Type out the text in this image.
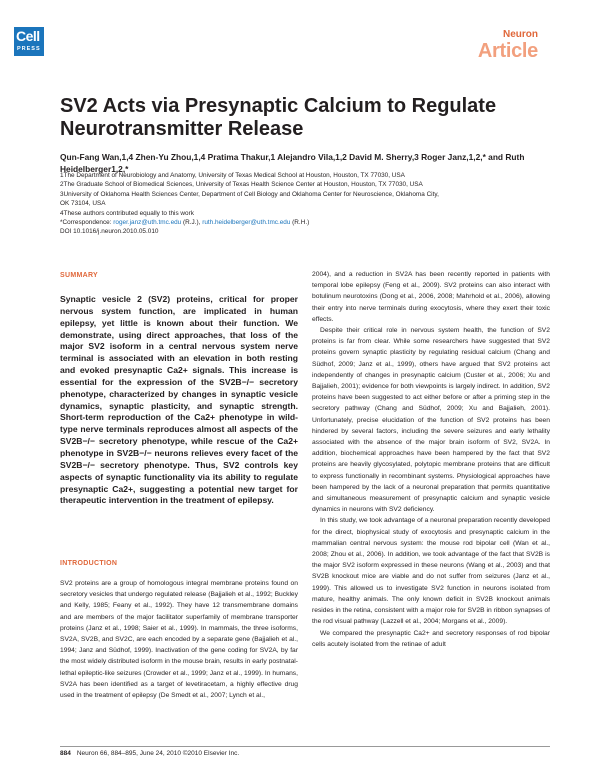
Cell
PRESS
Neuron
Article
SV2 Acts via Presynaptic Calcium to Regulate Neurotransmitter Release
Qun-Fang Wan,1,4 Zhen-Yu Zhou,1,4 Pratima Thakur,1 Alejandro Vila,1,2 David M. Sherry,3 Roger Janz,1,2,* and Ruth Heidelberger1,2,*
1The Department of Neurobiology and Anatomy, University of Texas Medical School at Houston, Houston, TX 77030, USA
2The Graduate School of Biomedical Sciences, University of Texas Health Science Center at Houston, Houston, TX 77030, USA
3University of Oklahoma Health Sciences Center, Department of Cell Biology and Oklahoma Center for Neuroscience, Oklahoma City,
OK 73104, USA
4These authors contributed equally to this work
*Correspondence: roger.janz@uth.tmc.edu (R.J.), ruth.heidelberger@uth.tmc.edu (R.H.)
DOI 10.1016/j.neuron.2010.05.010
SUMMARY
Synaptic vesicle 2 (SV2) proteins, critical for proper nervous system function, are implicated in human epilepsy, yet little is known about their function. We demonstrate, using direct approaches, that loss of the major SV2 isoform in a central nervous system nerve terminal is associated with an elevation in both resting and evoked presynaptic Ca2+ signals. This increase is essential for the expression of the SV2B−/− secretory phenotype, characterized by changes in synaptic vesicle dynamics, synaptic plasticity, and synaptic strength. Short-term reproduction of the Ca2+ phenotype in wild-type nerve terminals reproduces almost all aspects of the SV2B−/− secretory phenotype, while rescue of the Ca2+ phenotype in SV2B−/− neurons relieves every facet of the SV2B−/− secretory phenotype. Thus, SV2 controls key aspects of synaptic functionality via its ability to regulate presynaptic Ca2+, suggesting a potential new target for therapeutic intervention in the treatment of epilepsy.
INTRODUCTION
SV2 proteins are a group of homologous integral membrane proteins found on secretory vesicles that undergo regulated release (Bajjalieh et al., 1992; Buckley and Kelly, 1985; Feany et al., 1992). They have 12 transmembrane domains and are members of the major facilitator superfamily of membrane transporter proteins (Janz et al., 1998; Saier et al., 1999). In mammals, the three isoforms, SV2A, SV2B, and SV2C, are each encoded by a separate gene (Bajjalieh et al., 1994; Janz and Südhof, 1999). Inactivation of the gene coding for SV2A, by far the most widely distributed isoform in the mouse brain, results in early postnatal-lethal epileptic-like seizures (Crowder et al., 1999; Janz et al., 1999). In humans, SV2A has been identified as a target of levetiracetam, a highly effective drug used in the treatment of epilepsy (De Smedt et al., 2007; Lynch et al.,

2004), and a reduction in SV2A has been recently reported in patients with temporal lobe epilepsy (Feng et al., 2009). SV2 proteins can also interact with botulinum neurotoxins (Dong et al., 2006, 2008; Mahrhold et al., 2006), allowing their entry into nerve terminals during exocytosis, where they exert their toxic effects.

Despite their critical role in nervous system health, the function of SV2 proteins is far from clear. While some researchers have suggested that SV2 proteins govern synaptic plasticity by regulating residual calcium (Chang and Südhof, 2009; Janz et al., 1999), others have argued that SV2 proteins act independently of changes in presynaptic calcium (Custer et al., 2006; Xu and Bajjalieh, 2001); evidence for both viewpoints is largely indirect. In addition, SV2 proteins have been suggested to act either before or after a priming step in the secretory pathway (Chang and Südhof, 2009; Xu and Bajjalieh, 2001). Unfortunately, precise elucidation of the function of SV2 proteins has been hindered by several factors, including the severe seizures and early lethality associated with the absence of the major brain isoform of SV2, SV2A. In addition, biochemical approaches have been hampered by the fact that SV2 proteins are heavily glycosylated, polytopic membrane proteins that are difficult to express functionally in recombinant systems. Physiological approaches have been hampered by the lack of a neuronal preparation that permits quantitative and simultaneous measurement of presynaptic calcium and synaptic vesicle dynamics in neurons with SV2 deficiency.

In this study, we took advantage of a neuronal preparation recently developed for the direct, biophysical study of exocytosis and presynaptic calcium in the mammalian central nervous system: the mouse rod bipolar cell (Wan et al., 2008; Zhou et al., 2006). In addition, we took advantage of the fact that SV2B is the major SV2 isoform expressed in these neurons (Wang et al., 2003) and that SV2B knockout mice are viable and do not suffer from seizures (Janz et al., 1999). This allowed us to investigate SV2 function in neurons isolated from mature, healthy animals. The only known deficit in SV2B knockout animals resides in the retina, consistent with a major role for SV2B in ribbon synapses of the rod visual pathway (Lazzell et al., 2004; Morgans et al., 2009).

We compared the presynaptic Ca2+ and secretory responses of rod bipolar cells acutely isolated from the retinae of adult

884 Neuron 66, 884–895, June 24, 2010 ©2010 Elsevier Inc.
